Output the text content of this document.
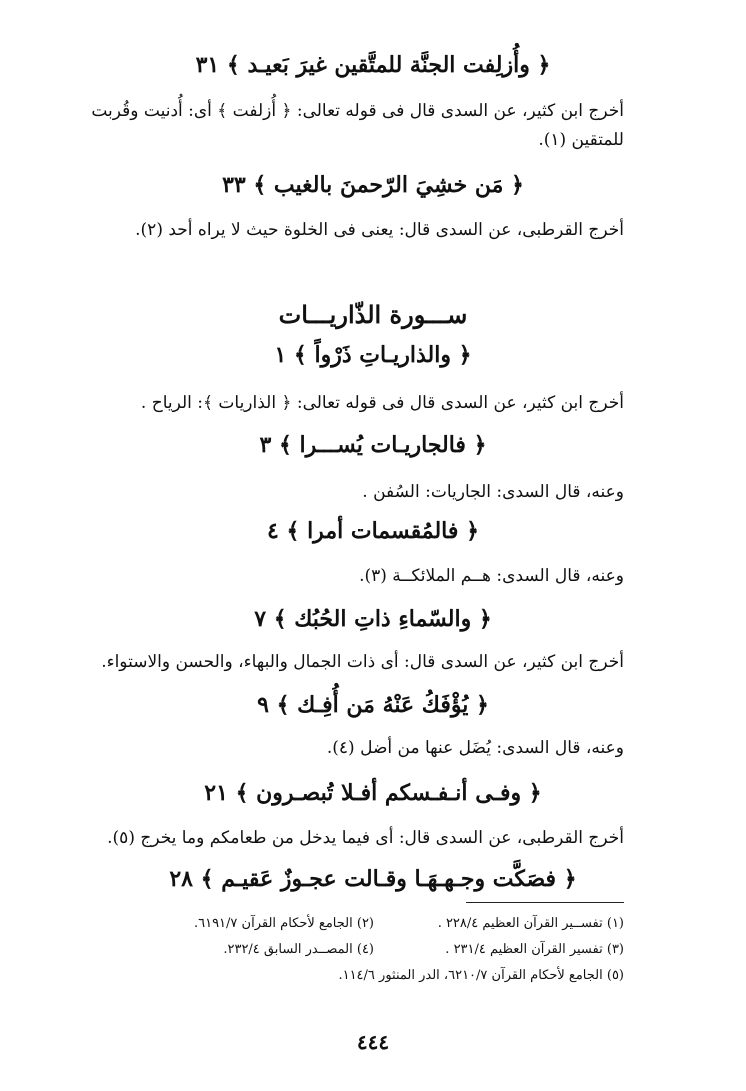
﴿ وأُزلِفت الجنَّة للمتَّقين غيرَ بَعيـد ﴾ ٣١
أخرج ابن كثير، عن السدى قال فى قوله تعالى: ﴿ أُزلفت ﴾ أى: أُدنيت وقُربت
للمتقين (١).
﴿ مَن خشِيَ الرّحمنَ بالغيب ﴾ ٣٣
أخرج القرطبى، عن السدى قال: يعنى فى الخلوة حيث لا يراه أحد (٢).
ســـورة الذّاريـــات
﴿ والذاريـاتِ ذَرْواً ﴾ ١
أخرج ابن كثير، عن السدى قال فى قوله تعالى: ﴿ الذاريات ﴾: الرياح .
﴿ فالجاريـات يُســـرا ﴾ ٣
وعنه، قال السدى: الجاريات: السُفن .
﴿ فالمُقسمات أمرا ﴾ ٤
وعنه، قال السدى: هــم الملائكــة (٣).
﴿ والسّماءِ ذاتِ الحُبُك ﴾ ٧
أخرج ابن كثير، عن السدى قال: أى ذات الجمال والبهاء، والحسن والاستواء.
﴿ يُؤْفَكُ عَنْهُ مَن أُفِـك ﴾ ٩
وعنه، قال السدى: يُضَل عنها من أضل (٤).
﴿ وفـى أنـفـسكم أفـلا تُبصـرون ﴾ ٢١
أخرج القرطبى، عن السدى قال: أى فيما يدخل من طعامكم وما يخرج (٥).
﴿ فصَكَّت وجـهـهَـا وقـالت عجـوزٌ عَقيـم ﴾ ٢٨
(١) تفســير القرآن العظيم ٢٢٨/٤ .
(٢) الجامع لأحكام القرآن ٦١٩١/٧.
(٣) تفسير القرآن العظيم ٢٣١/٤ .
(٤) المصــدر السابق ٢٣٢/٤.
(٥) الجامع لأحكام القرآن ٦٢١٠/٧، الدر المنثور ١١٤/٦.
٤٤٤
